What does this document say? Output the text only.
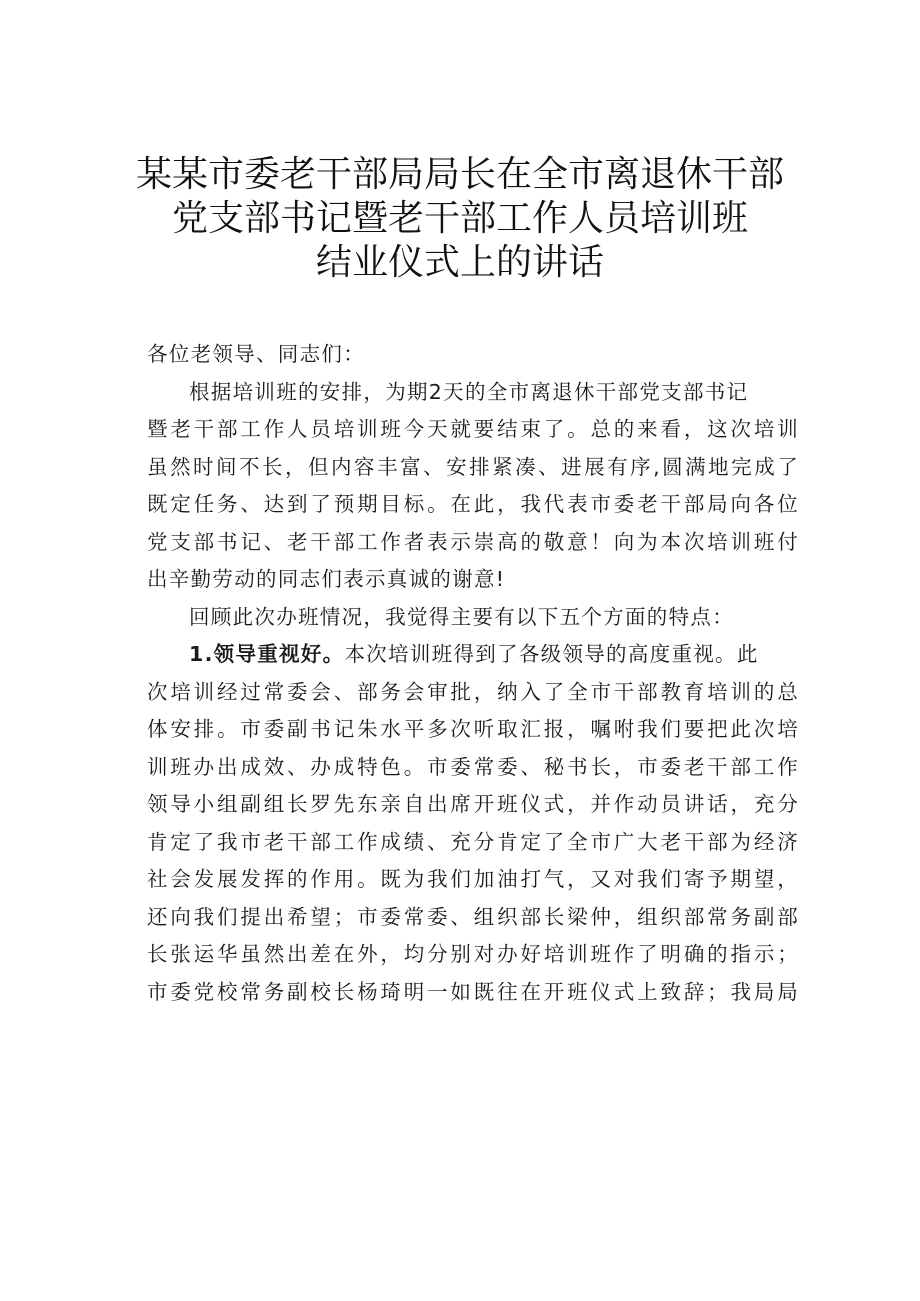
某某市委老干部局局长在全市离退休干部
党支部书记暨老干部工作人员培训班
结业仪式上的讲话
各位老领导、同志们：
根据培训班的安排，为期2天的全市离退休干部党支部书记
暨老干部工作人员培训班今天就要结束了。总的来看，这次培训
虽然时间不长，但内容丰富、安排紧凑、进展有序,圆满地完成了
既定任务、达到了预期目标。在此，我代表市委老干部局向各位
党支部书记、老干部工作者表示崇高的敬意！向为本次培训班付
出辛勤劳动的同志们表示真诚的谢意!
回顾此次办班情况，我觉得主要有以下五个方面的特点：
1.领导重视好。本次培训班得到了各级领导的高度重视。此
次培训经过常委会、部务会审批，纳入了全市干部教育培训的总
体安排。市委副书记朱水平多次听取汇报，嘱咐我们要把此次培
训班办出成效、办成特色。市委常委、秘书长，市委老干部工作
领导小组副组长罗先东亲自出席开班仪式，并作动员讲话，充分
肯定了我市老干部工作成绩、充分肯定了全市广大老干部为经济
社会发展发挥的作用。既为我们加油打气，又对我们寄予期望，
还向我们提出希望；市委常委、组织部长梁仲，组织部常务副部
长张运华虽然出差在外，均分别对办好培训班作了明确的指示；
市委党校常务副校长杨琦明一如既往在开班仪式上致辞；我局局
